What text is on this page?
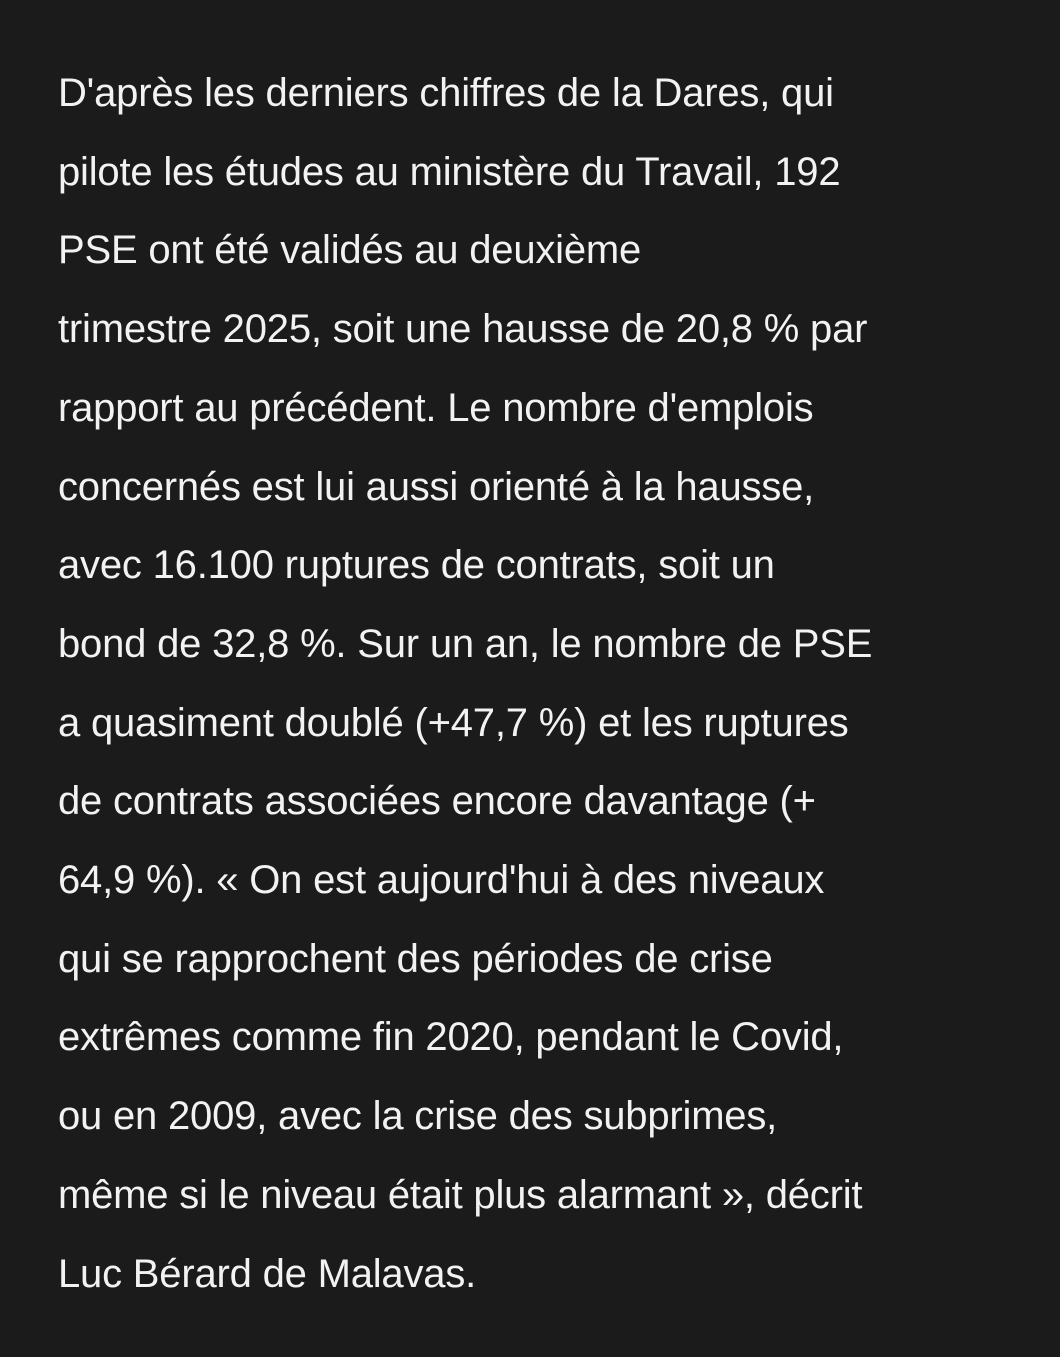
D'après les derniers chiffres de la Dares, qui
pilote les études au ministère du Travail, 192
PSE ont été validés au deuxième
trimestre 2025, soit une hausse de 20,8 % par
rapport au précédent. Le nombre d'emplois
concernés est lui aussi orienté à la hausse,
avec 16.100 ruptures de contrats, soit un
bond de 32,8 %. Sur un an, le nombre de PSE
a quasiment doublé (+47,7 %) et les ruptures
de contrats associées encore davantage (+
64,9 %). « On est aujourd'hui à des niveaux
qui se rapprochent des périodes de crise
extrêmes comme fin 2020, pendant le Covid,
ou en 2009, avec la crise des subprimes,
même si le niveau était plus alarmant », décrit
Luc Bérard de Malavas.
